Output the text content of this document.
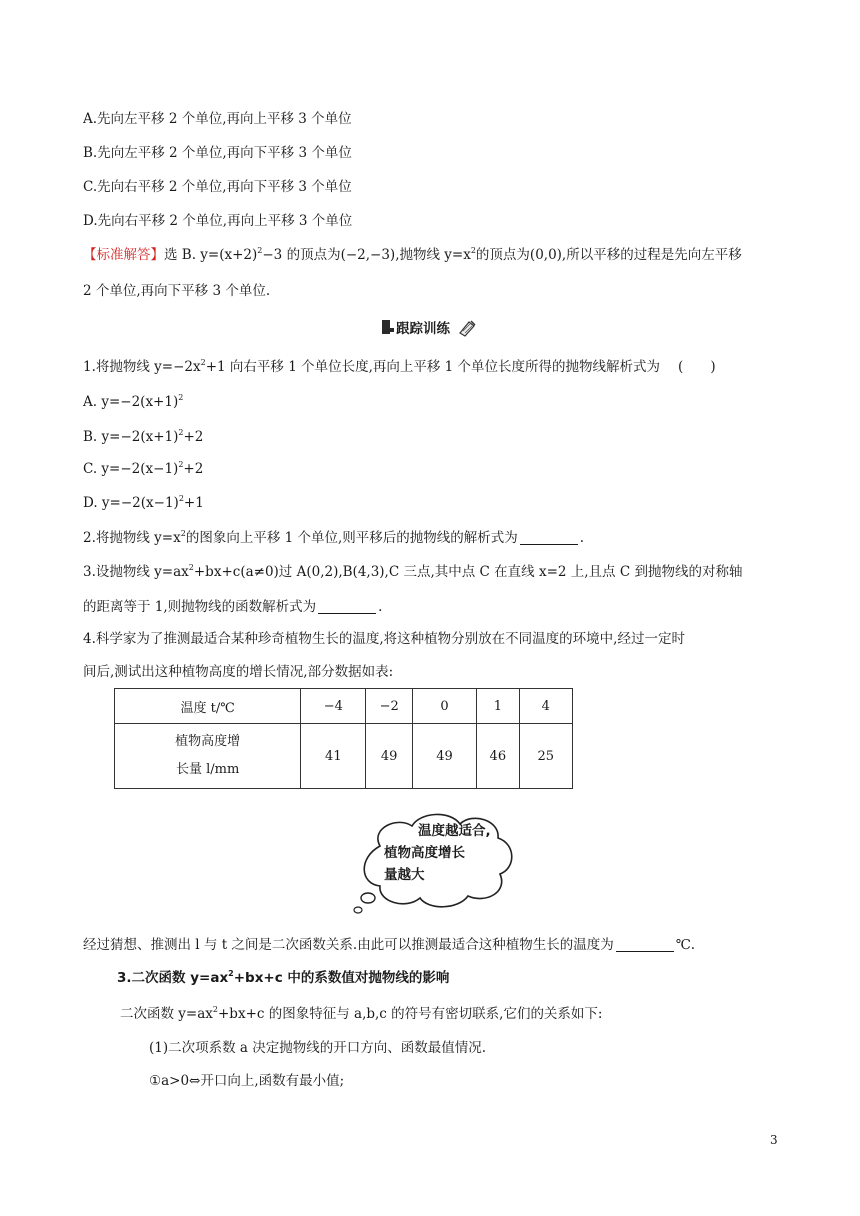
A.先向左平移 2 个单位,再向上平移 3 个单位
B.先向左平移 2 个单位,再向下平移 3 个单位
C.先向右平移 2 个单位,再向下平移 3 个单位
D.先向右平移 2 个单位,再向上平移 3 个单位
【标准解答】选 B. $y=(x+2)^2-3$ 的顶点为(−2,−3),抛物线 $y=x^2$的顶点为(0,0),所以平移的过程是先向左平移
2 个单位,再向下平移 3 个单位.
跟踪训练
1.将抛物线 $y=-2x^2+1$ 向右平移 1 个单位长度,再向上平移 1 个单位长度所得的抛物线解析式为 (　　)
A. $y=-2(x+1)^2$
B. $y=-2(x+1)^2+2$
C. $y=-2(x-1)^2+2$
D. $y=-2(x-1)^2+1$
2.将抛物线 $y=x^2$的图象向上平移 1 个单位,则平移后的抛物线的解析式为	.
3.设抛物线 $y=ax^2+bx+c(a\ne 0)$过 A(0,2),B(4,3),C 三点,其中点 C 在直线 x=2 上,且点 C 到抛物线的对称轴
的距离等于 1,则抛物线的函数解析式为	.
4.科学家为了推测最适合某种珍奇植物生长的温度,将这种植物分别放在不同温度的环境中,经过一定时
间后,测试出这种植物高度的增长情况,部分数据如表:
温度 t/℃	−4	−2	0	1	4

植物高度增
长量 l/mm	41	49	49	46	25
温度越适合,
植物高度增长
量越大
经过猜想、推测出 l 与 t 之间是二次函数关系.由此可以推测最适合这种植物生长的温度为	℃.
3.二次函数 $y=ax^2+bx+c$ 中的系数值对抛物线的影响
二次函数 $y=ax^2+bx+c$ 的图象特征与 a,b,c 的符号有密切联系,它们的关系如下:
(1)二次项系数 a 决定抛物线的开口方向、函数最值情况.
①a>0⇔开口向上,函数有最小值;
3
